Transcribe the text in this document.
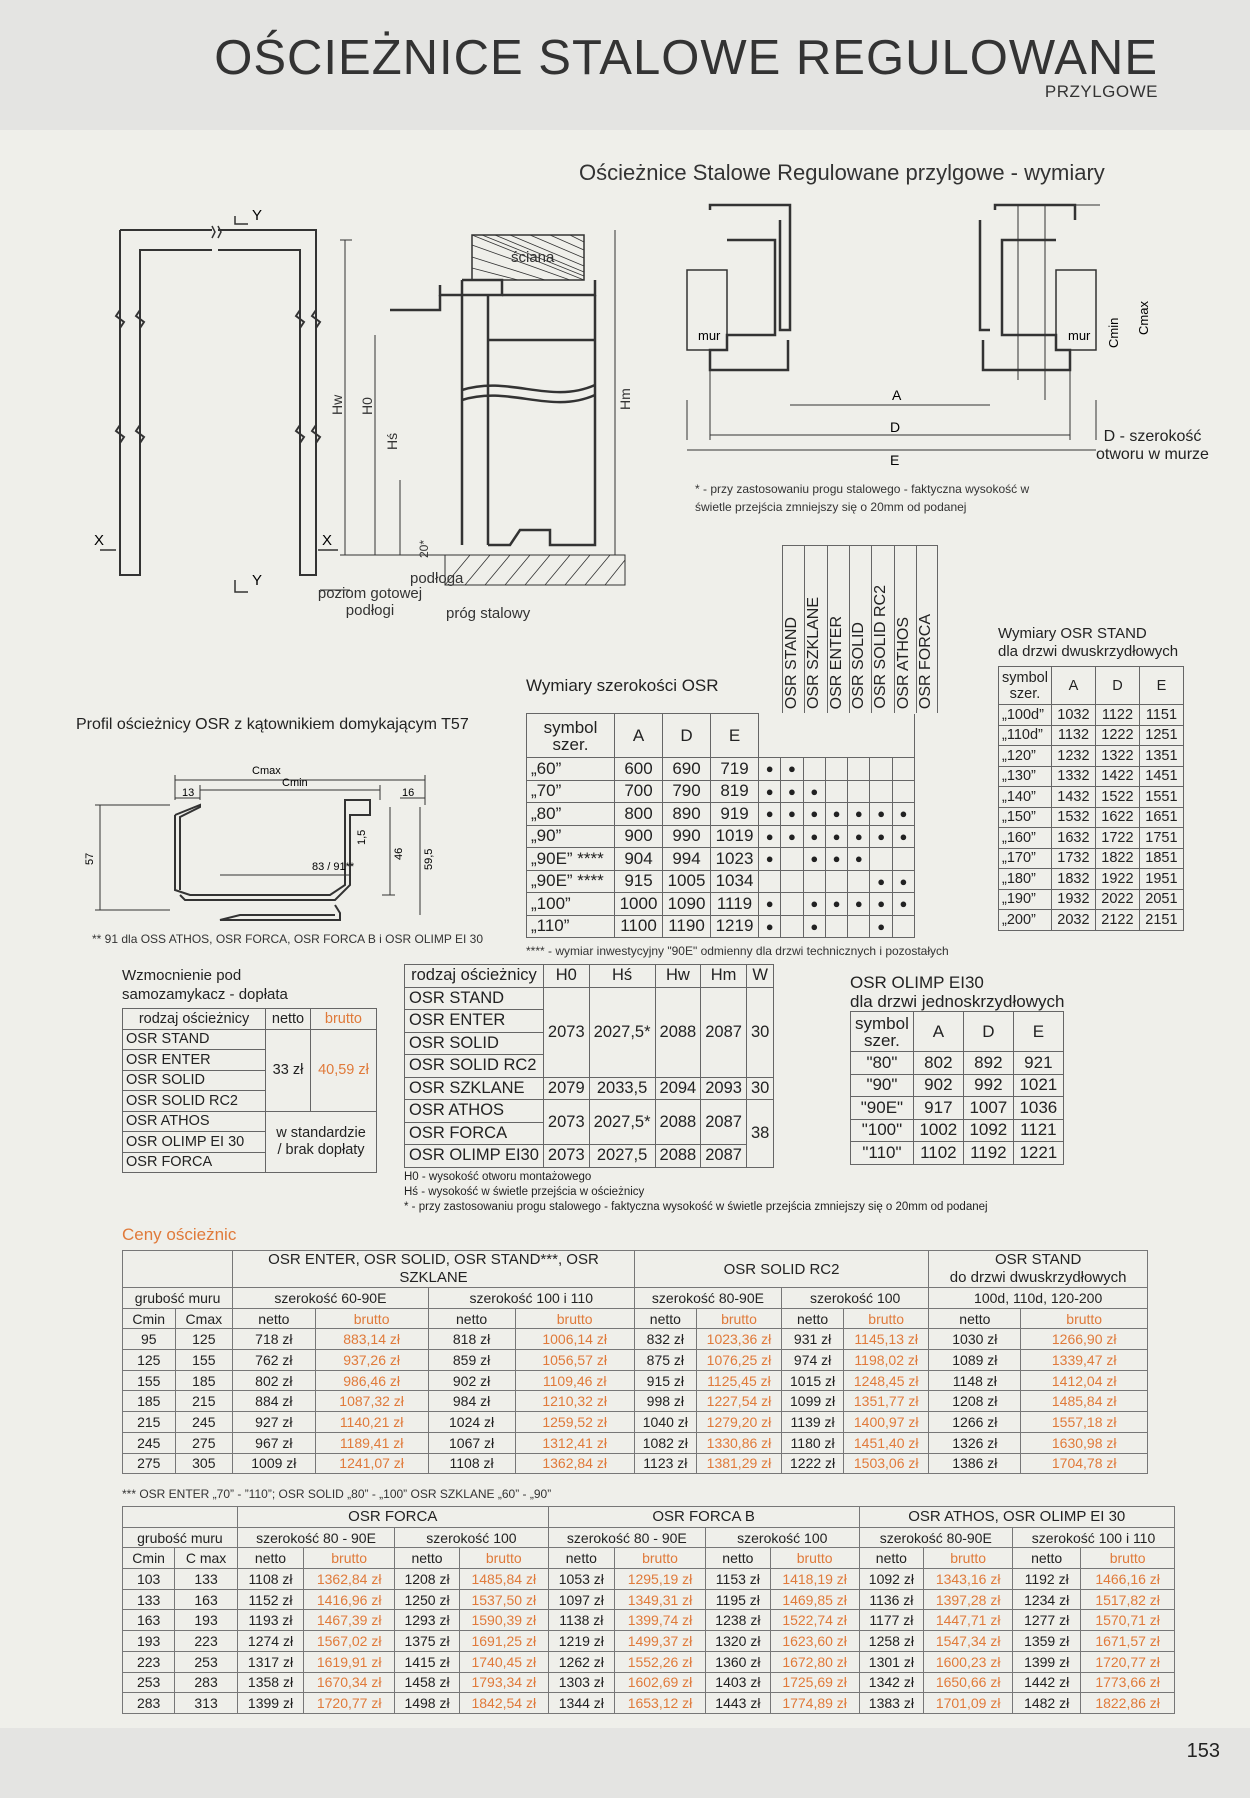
OŚCIEŻNICE STALOWE REGULOWANE
PRZYLGOWE
Ościeżnice Stalowe Regulowane przylgowe - wymiary
X	X
Y
Y
ściana
Hw H0
Hś
Hm
20*
podłoga
poziom gotowej
podłogi	próg stalowy
mur	mur
A
D
E
Cmin Cmax
D - szerokość
otworu w murze
* - przy zastosowaniu progu stalowego - faktyczna wysokość w
świetle przejścia zmniejszy się o 20mm od podanej
Profil ościeżnicy OSR z kątownikiem domykającym T57
Cmax
Cmin
13	16
1,5
83 / 91**
46 59,5
57
** 91 dla OSS ATHOS, OSR FORCA, OSR FORCA B i OSR OLIMP EI 30
Wymiary szerokości OSR	OSR STAND OSR SZKLANE OSR ENTER OSR SOLID OSR SOLID RC2 OSR ATHOS OSR FORCA
symbol
szer.	A	D	E							
„60”	600	690	719	●	●					
„70”	700	790	819	●	●	●				
„80”	800	890	919	●	●	●	●	●	●	●
„90”	900	990	1019	●	●	●	●	●	●	●
„90E” ****	904	994	1023	●		●	●	●		
„90E” ****	915	1005	1034						●	●
„100”	1000	1090	1119	●		●	●	●	●	●
„110”	1100	1190	1219	●		●			●	
**** - wymiar inwestycyjny "90E" odmienny dla drzwi technicznych i pozostałych
Wymiary OSR STAND
dla drzwi dwuskrzydłowych
symbol
szer.	A	D	E
„100d”	1032	1122	1151
„110d”	1132	1222	1251
„120”	1232	1322	1351
„130”	1332	1422	1451
„140”	1432	1522	1551
„150”	1532	1622	1651
„160”	1632	1722	1751
„170”	1732	1822	1851
„180”	1832	1922	1951
„190”	1932	2022	2051
„200”	2032	2122	2151
Wzmocnienie pod
samozamykacz - dopłata
rodzaj ościeżnicy	netto	brutto
OSR STAND	33 zł	40,59 zł
OSR ENTER		
OSR SOLID		
OSR SOLID RC2		
OSR ATHOS	w standardzie
/ brak dopłaty	
OSR OLIMP EI 30		
OSR FORCA		
rodzaj ościeżnicy	H0	Hś	Hw	Hm	W
OSR STAND	2073	2027,5*	2088	2087	30
OSR ENTER					
OSR SOLID					
OSR SOLID RC2					
OSR SZKLANE	2079	2033,5	2094	2093	30
OSR ATHOS	2073	2027,5*	2088	2087	38
OSR FORCA					
OSR OLIMP EI30	2073	2027,5	2088	2087	
H0 - wysokość otworu montażowego
Hś - wysokość w świetle przejścia w ościeżnicy
* - przy zastosowaniu progu stalowego - faktyczna wysokość w świetle przejścia zmniejszy się o 20mm od podanej
OSR OLIMP EI30
dla drzwi jednoskrzydłowych
symbol
szer.	A	D	E
"80"	802	892	921
"90"	902	992	1021
"90E"	917	1007	1036
"100"	1002	1092	1121
"110"	1102	1192	1221
Ceny ościeżnic
		OSR ENTER, OSR SOLID, OSR STAND***, OSR
SZKLANE				OSR SOLID RC2				OSR STAND
do drzwi dwuskrzydłowych	
grubość muru		szerokość 60-90E		szerokość 100 i 110		szerokość 80-90E		szerokość 100		100d, 110d, 120-200	
Cmin	Cmax	netto	brutto	netto	brutto	netto	brutto	netto	brutto	netto	brutto
95	125	718 zł	883,14 zł	818 zł	1006,14 zł	832 zł	1023,36 zł	931 zł	1145,13 zł	1030 zł	1266,90 zł
125	155	762 zł	937,26 zł	859 zł	1056,57 zł	875 zł	1076,25 zł	974 zł	1198,02 zł	1089 zł	1339,47 zł
155	185	802 zł	986,46 zł	902 zł	1109,46 zł	915 zł	1125,45 zł	1015 zł	1248,45 zł	1148 zł	1412,04 zł
185	215	884 zł	1087,32 zł	984 zł	1210,32 zł	998 zł	1227,54 zł	1099 zł	1351,77 zł	1208 zł	1485,84 zł
215	245	927 zł	1140,21 zł	1024 zł	1259,52 zł	1040 zł	1279,20 zł	1139 zł	1400,97 zł	1266 zł	1557,18 zł
245	275	967 zł	1189,41 zł	1067 zł	1312,41 zł	1082 zł	1330,86 zł	1180 zł	1451,40 zł	1326 zł	1630,98 zł
275	305	1009 zł	1241,07 zł	1108 zł	1362,84 zł	1123 zł	1381,29 zł	1222 zł	1503,06 zł	1386 zł	1704,78 zł
*** OSR ENTER „70” - ”110”; OSR SOLID „80” - „100” OSR SZKLANE „60” - „90”
		OSR FORCA				OSR FORCA B				OSR ATHOS, OSR OLIMP EI 30			
grubość muru		szerokość 80 - 90E		szerokość 100		szerokość 80 - 90E		szerokość 100		szerokość 80-90E		szerokość 100 i 110	
Cmin	C max	netto	brutto	netto	brutto	netto	brutto	netto	brutto	netto	brutto	netto	brutto
103	133	1108 zł	1362,84 zł	1208 zł	1485,84 zł	1053 zł	1295,19 zł	1153 zł	1418,19 zł	1092 zł	1343,16 zł	1192 zł	1466,16 zł
133	163	1152 zł	1416,96 zł	1250 zł	1537,50 zł	1097 zł	1349,31 zł	1195 zł	1469,85 zł	1136 zł	1397,28 zł	1234 zł	1517,82 zł
163	193	1193 zł	1467,39 zł	1293 zł	1590,39 zł	1138 zł	1399,74 zł	1238 zł	1522,74 zł	1177 zł	1447,71 zł	1277 zł	1570,71 zł
193	223	1274 zł	1567,02 zł	1375 zł	1691,25 zł	1219 zł	1499,37 zł	1320 zł	1623,60 zł	1258 zł	1547,34 zł	1359 zł	1671,57 zł
223	253	1317 zł	1619,91 zł	1415 zł	1740,45 zł	1262 zł	1552,26 zł	1360 zł	1672,80 zł	1301 zł	1600,23 zł	1399 zł	1720,77 zł
253	283	1358 zł	1670,34 zł	1458 zł	1793,34 zł	1303 zł	1602,69 zł	1403 zł	1725,69 zł	1342 zł	1650,66 zł	1442 zł	1773,66 zł
283	313	1399 zł	1720,77 zł	1498 zł	1842,54 zł	1344 zł	1653,12 zł	1443 zł	1774,89 zł	1383 zł	1701,09 zł	1482 zł	1822,86 zł
153
